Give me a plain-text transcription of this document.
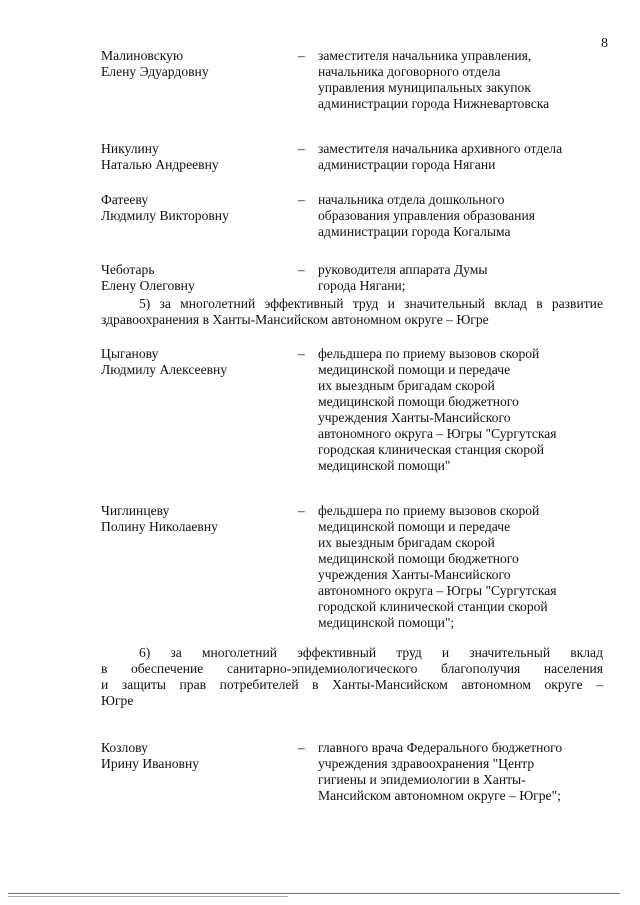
8
Малиновскую
Елену Эдуардовну
– заместителя начальника управления,
начальника договорного отдела
управления муниципальных закупок
администрации города Нижневартовска
Никулину
Наталью Андреевну
– заместителя начальника архивного отдела
администрации города Нягани
Фатееву
Людмилу Викторовну
– начальника отдела дошкольного
образования управления образования
администрации города Когалыма
Чеботарь
Елену Олеговну
– руководителя аппарата Думы
города Нягани;
5) за многолетний эффективный труд и значительный вклад в развитие
здравоохранения в Ханты-Мансийском автономном округе – Югре
Цыганову
Людмилу Алексеевну
– фельдшера по приему вызовов скорой
медицинской помощи и передаче
их выездным бригадам скорой
медицинской помощи бюджетного
учреждения Ханты-Мансийского
автономного округа – Югры "Сургутская
городская клиническая станция скорой
медицинской помощи"
Чиглинцеву
Полину Николаевну
– фельдшера по приему вызовов скорой
медицинской помощи и передаче
их выездным бригадам скорой
медицинской помощи бюджетного
учреждения Ханты-Мансийского
автономного округа – Югры "Сургутская
городской клинической станции скорой
медицинской помощи";
6) за многолетний эффективный труд и значительный вклад
в обеспечение санитарно-эпидемиологического благополучия населения
и защиты прав потребителей в Ханты-Мансийском автономном округе –
Югре
Козлову
Ирину Ивановну
– главного врача Федерального бюджетного
учреждения здравоохранения "Центр
гигиены и эпидемиологии в Ханты-
Мансийском автономном округе – Югре";
